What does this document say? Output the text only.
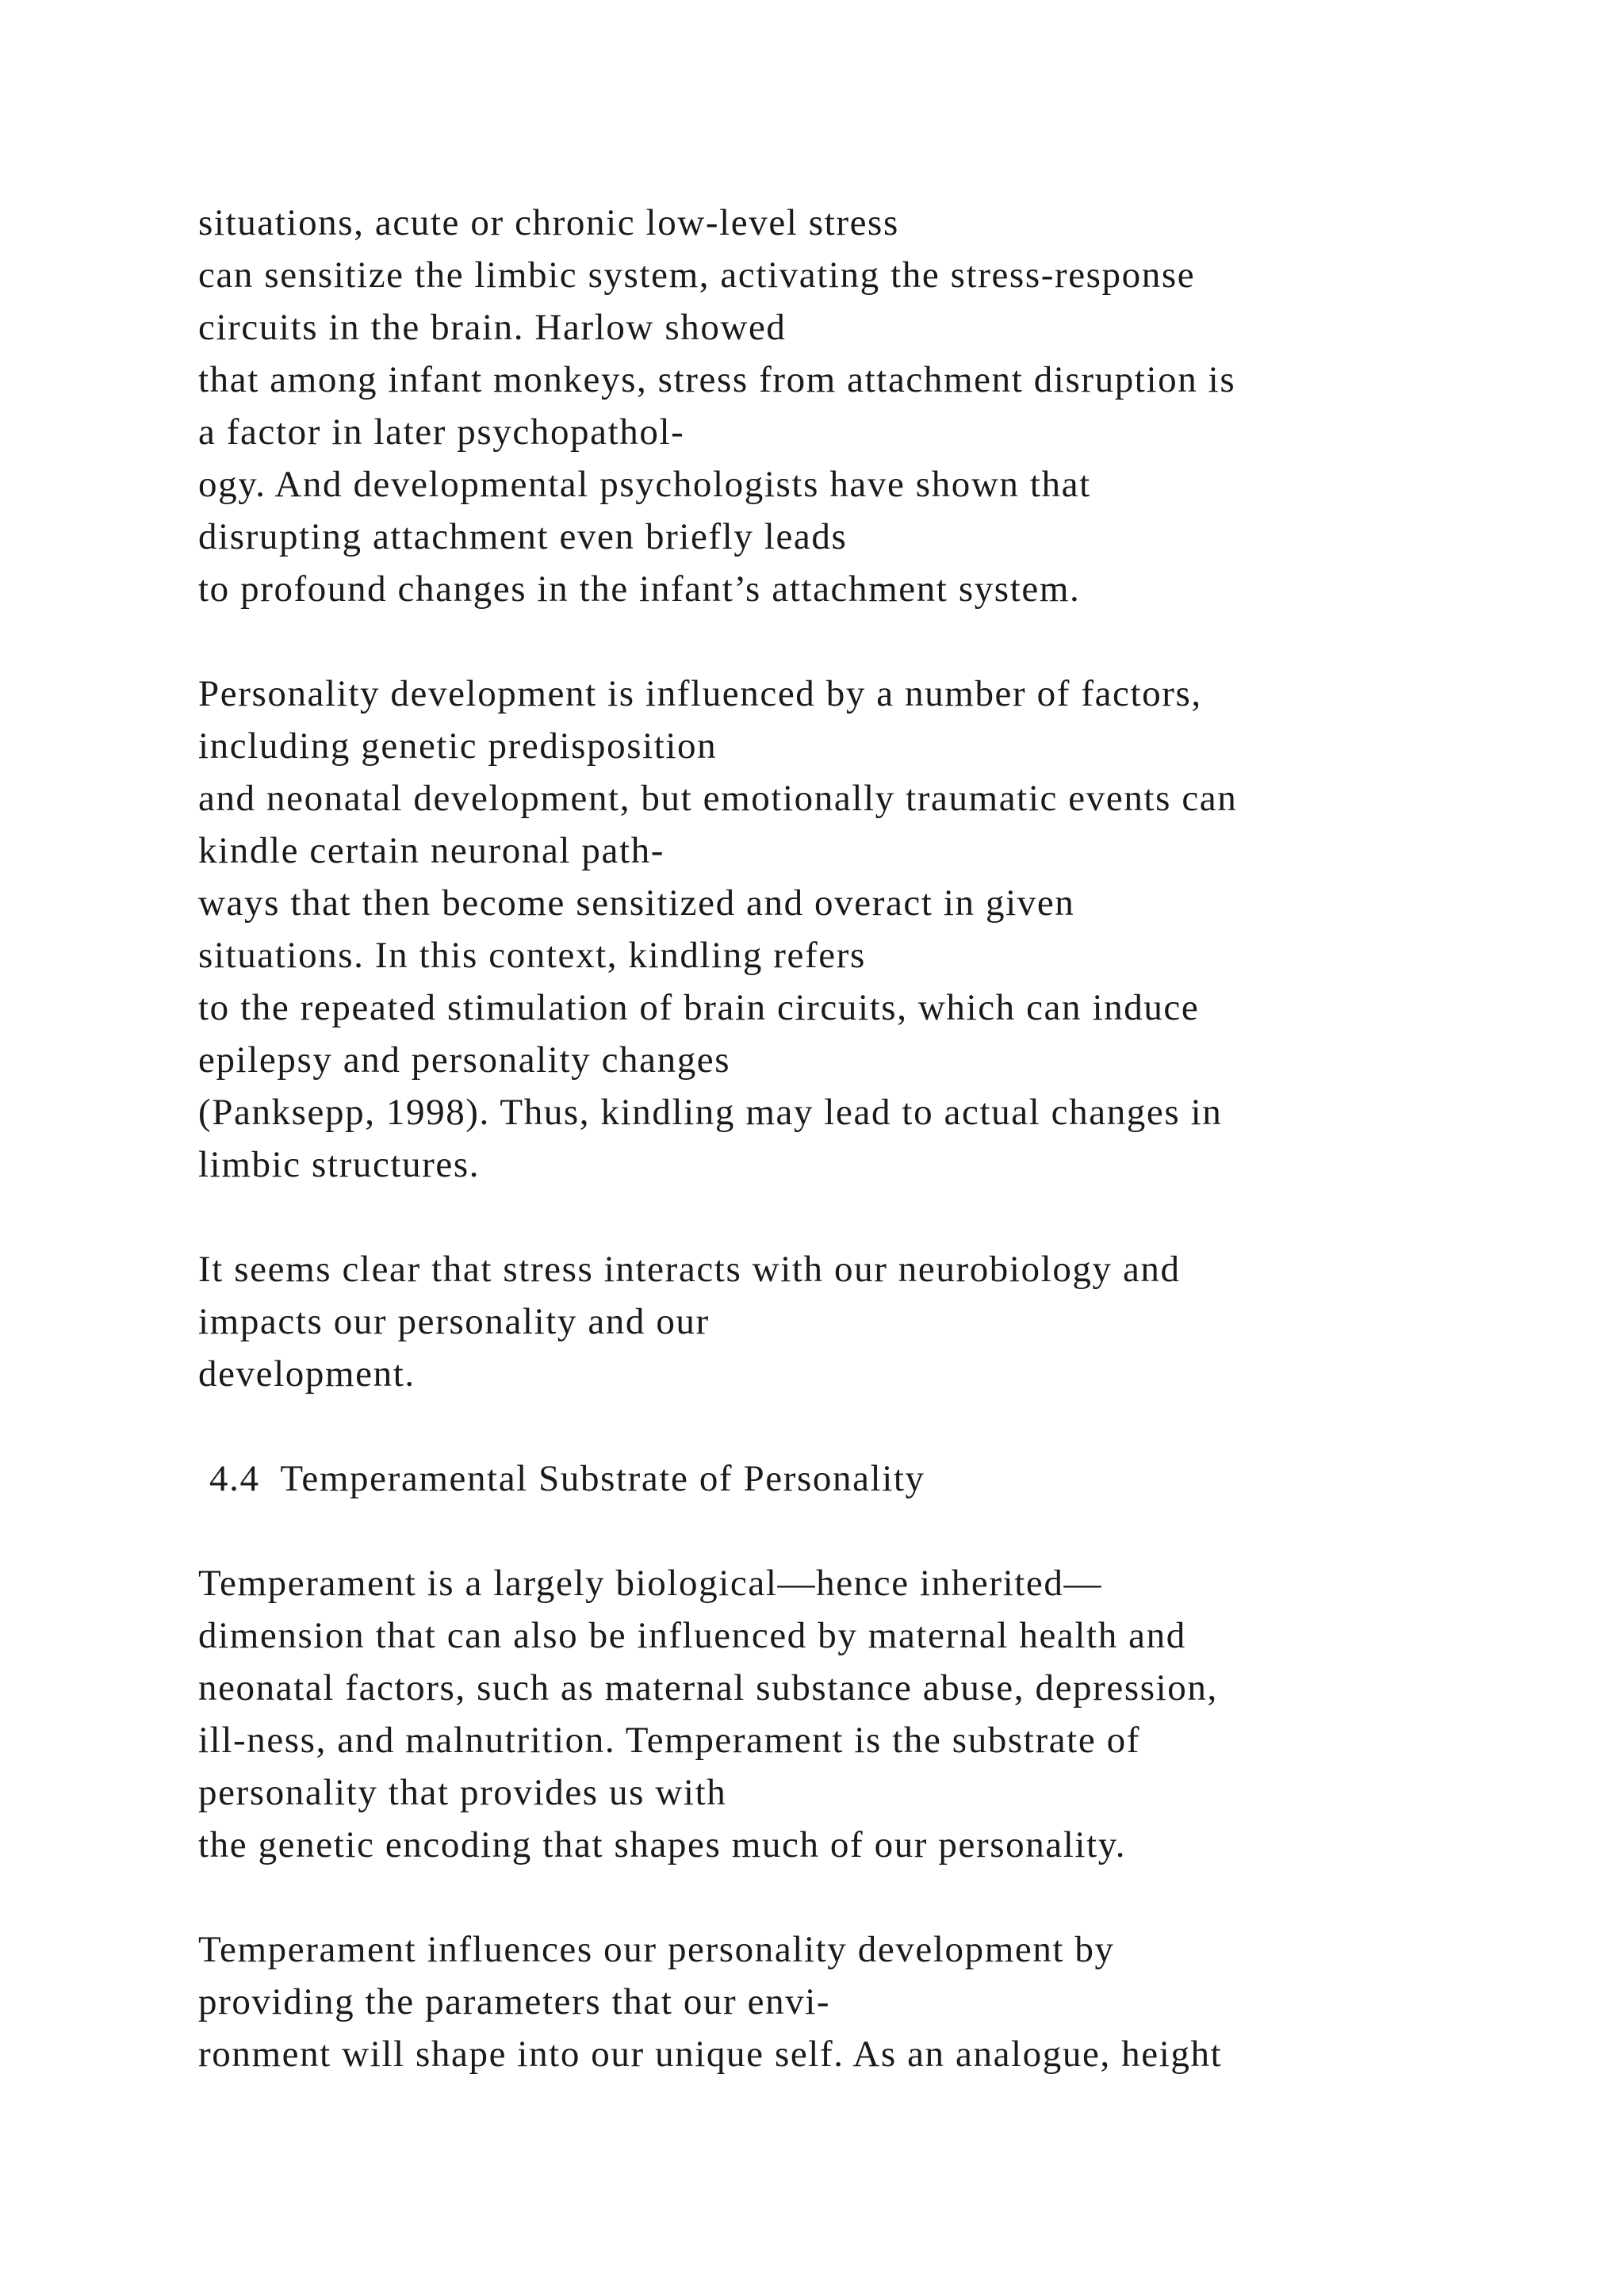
situations, acute or chronic low-level stress
can sensitize the limbic system, activating the stress-response
circuits in the brain. Harlow showed
that among infant monkeys, stress from attachment disruption is
a factor in later psychopathol-
ogy. And developmental psychologists have shown that
disrupting attachment even briefly leads
to profound changes in the infant’s attachment system.
Personality development is influenced by a number of factors,
including genetic predisposition
and neonatal development, but emotionally traumatic events can
kindle certain neuronal path-
ways that then become sensitized and overact in given
situations. In this context, kindling refers
to the repeated stimulation of brain circuits, which can induce
epilepsy and personality changes
(Panksepp, 1998). Thus, kindling may lead to actual changes in
limbic structures.
It seems clear that stress interacts with our neurobiology and
impacts our personality and our
development.
4.4  Temperamental Substrate of Personality
Temperament is a largely biological—hence inherited—
dimension that can also be influenced by maternal health and
neonatal factors, such as maternal substance abuse, depression,
ill-ness, and malnutrition. Temperament is the substrate of
personality that provides us with
the genetic encoding that shapes much of our personality.
Temperament influences our personality development by
providing the parameters that our envi-
ronment will shape into our unique self. As an analogue, height
